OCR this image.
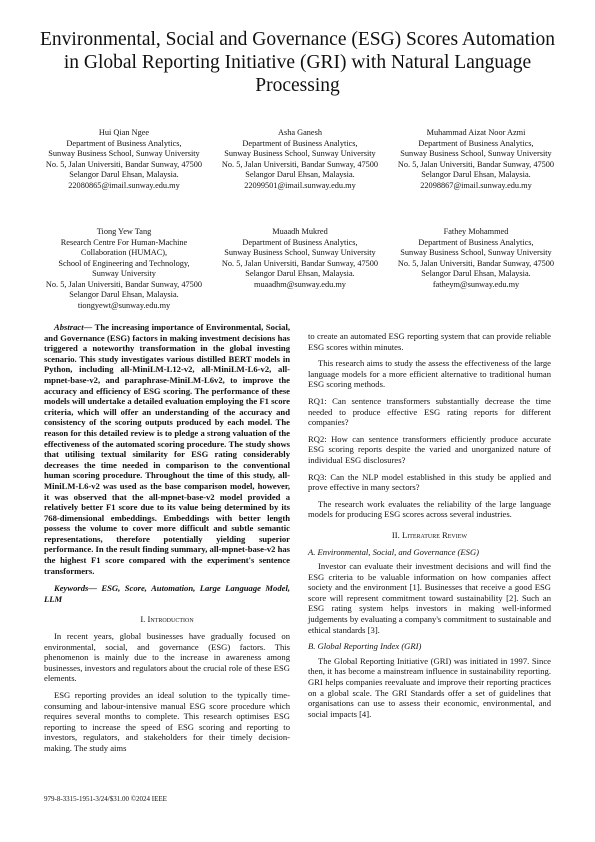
Environmental, Social and Governance (ESG) Scores Automation in Global Reporting Initiative (GRI) with Natural Language Processing
Hui Qian Ngee
Department of Business Analytics,
Sunway Business School, Sunway University
No. 5, Jalan Universiti, Bandar Sunway, 47500 Selangor Darul Ehsan, Malaysia.
22080865@imail.sunway.edu.my
Asha Ganesh
Department of Business Analytics,
Sunway Business School, Sunway University
No. 5, Jalan Universiti, Bandar Sunway, 47500 Selangor Darul Ehsan, Malaysia.
22099501@imail.sunway.edu.my
Muhammad Aizat Noor Azmi
Department of Business Analytics,
Sunway Business School, Sunway University
No. 5, Jalan Universiti, Bandar Sunway, 47500 Selangor Darul Ehsan, Malaysia.
22098867@imail.sunway.edu.my
Tiong Yew Tang
Research Centre For Human-Machine Collaboration (HUMAC),
School of Engineering and Technology, Sunway University
No. 5, Jalan Universiti, Bandar Sunway, 47500 Selangor Darul Ehsan, Malaysia.
tiongyewt@sunway.edu.my
Muaadh Mukred
Department of Business Analytics,
Sunway Business School, Sunway University
No. 5, Jalan Universiti, Bandar Sunway, 47500 Selangor Darul Ehsan, Malaysia.
muaadhm@sunway.edu.my
Fathey Mohammed
Department of Business Analytics,
Sunway Business School, Sunway University
No. 5, Jalan Universiti, Bandar Sunway, 47500 Selangor Darul Ehsan, Malaysia.
fatheym@sunway.edu.my

Abstract— The increasing importance of Environmental, Social, and Governance (ESG) factors in making investment decisions has triggered a noteworthy transformation in the global investing scenario. This study investigates various distilled BERT models in Python, including all-MiniLM-L12-v2, all-MiniLM-L6-v2, all-mpnet-base-v2, and paraphrase-MiniLM-L6v2, to improve the accuracy and efficiency of ESG scoring. The performance of these models will undertake a detailed evaluation employing the F1 score criteria, which will offer an understanding of the accuracy and consistency of the scoring outputs produced by each model. The reason for this detailed review is to pledge a strong valuation of the effectiveness of the automated scoring procedure. The study shows that utilising textual similarity for ESG rating considerably decreases the time needed in comparison to the conventional human scoring procedure. Throughout the time of this study, all-MiniLM-L6-v2 was used as the base comparison model, however, it was observed that the all-mpnet-base-v2 model provided a relatively better F1 score due to its value being determined by its 768-dimensional embeddings. Embeddings with better length possess the volume to cover more difficult and subtle semantic representations, therefore potentially yielding superior performance. In the result finding summary, all-mpnet-base-v2 has the highest F1 score compared with the experiment's sentence transformers.

Keywords— ESG, Score, Automation, Large Language Model, LLM

I. Introduction

In recent years, global businesses have gradually focused on environmental, social, and governance (ESG) factors. This phenomenon is mainly due to the increase in awareness among businesses, investors and regulators about the crucial role of these ESG elements.

ESG reporting provides an ideal solution to the typically time-consuming and labour-intensive manual ESG score procedure which requires several months to complete. This research optimises ESG reporting to increase the speed of ESG scoring and reporting to investors, regulators, and stakeholders for their timely decision-making. The study aims

to create an automated ESG reporting system that can provide reliable ESG scores within minutes.

This research aims to study the assess the effectiveness of the large language models for a more efficient alternative to traditional human ESG scoring methods.

RQ1: Can sentence transformers substantially decrease the time needed to produce effective ESG rating reports for different companies?

RQ2: How can sentence transformers efficiently produce accurate ESG scoring reports despite the varied and unorganized nature of individual ESG disclosures?

RQ3: Can the NLP model established in this study be applied and prove effective in many sectors?

The research work evaluates the reliability of the large language models for producing ESG scores across several industries.

II. Literature Review

A. Environmental, Social, and Governance (ESG)

Investor can evaluate their investment decisions and will find the ESG criteria to be valuable information on how companies affect society and the environment [1]. Businesses that receive a good ESG score will represent commitment toward sustainability [2]. Such an ESG rating system helps investors in making well-informed judgements by evaluating a company's commitment to sustainable and ethical standards [3].

B. Global Reporting Index (GRI)

The Global Reporting Initiative (GRI) was initiated in 1997. Since then, it has become a mainstream influence in sustainability reporting. GRI helps companies reevaluate and improve their reporting practices on a global scale. The GRI Standards offer a set of guidelines that organisations can use to assess their economic, environmental, and social impacts [4].

979-8-3315-1951-3/24/$31.00 ©2024 IEEE
